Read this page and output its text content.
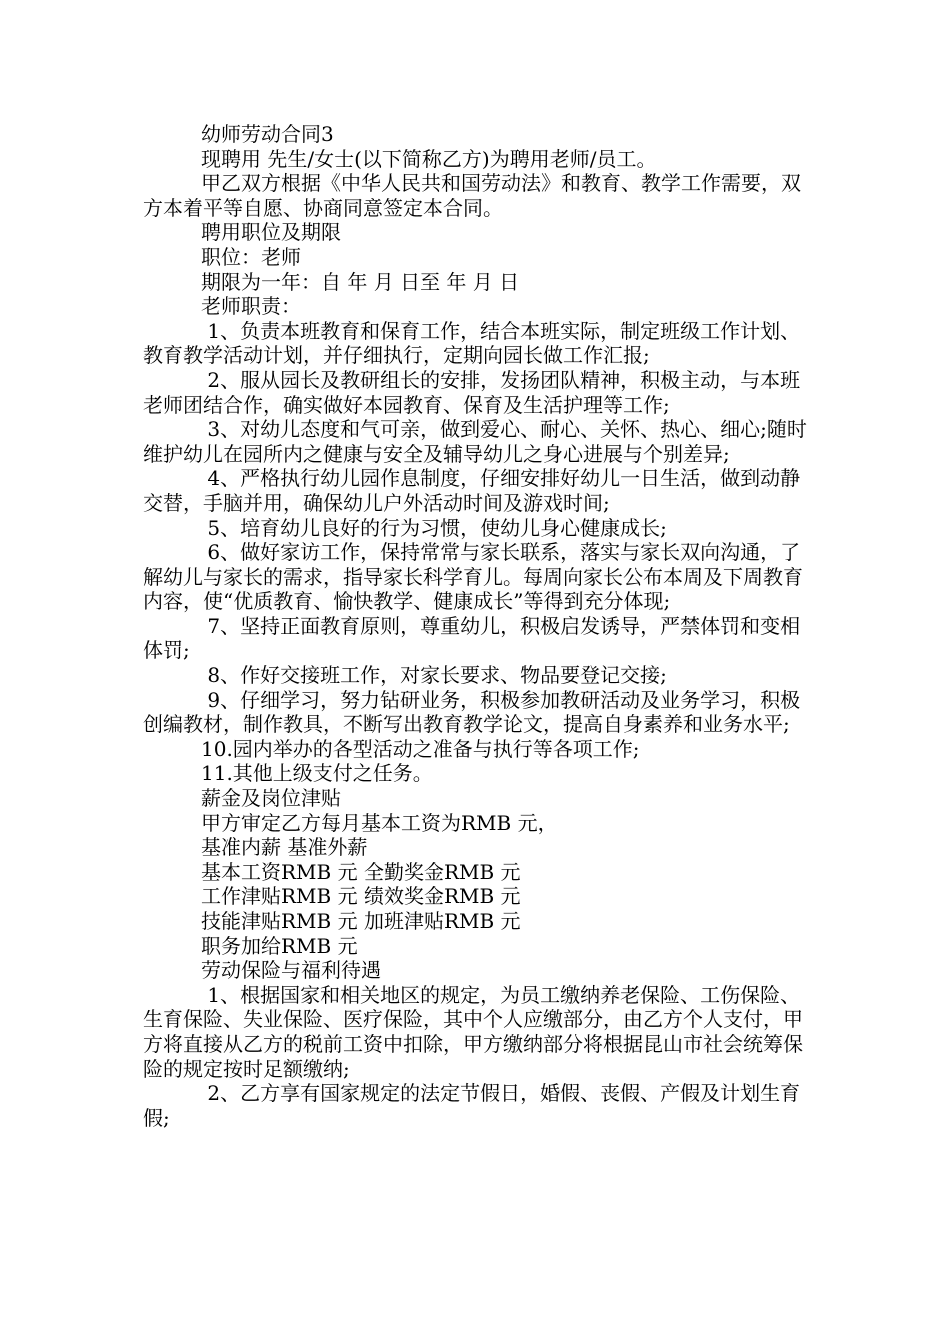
幼师劳动合同3

现聘用 先生/女士(以下简称乙方)为聘用老师/员工。

甲乙双方根据《中华人民共和国劳动法》和教育、教学工作需要，双方本着平等自愿、协商同意签定本合同。

聘用职位及期限

职位：老师

期限为一年：自 年 月 日至 年 月 日

老师职责：

1、负责本班教育和保育工作，结合本班实际，制定班级工作计划、教育教学活动计划，并仔细执行，定期向园长做工作汇报;

2、服从园长及教研组长的安排，发扬团队精神，积极主动，与本班老师团结合作，确实做好本园教育、保育及生活护理等工作;

3、对幼儿态度和气可亲，做到爱心、耐心、关怀、热心、细心;随时维护幼儿在园所内之健康与安全及辅导幼儿之身心进展与个别差异;

4、严格执行幼儿园作息制度，仔细安排好幼儿一日生活，做到动静交替，手脑并用，确保幼儿户外活动时间及游戏时间;

5、培育幼儿良好的行为习惯，使幼儿身心健康成长;

6、做好家访工作，保持常常与家长联系，落实与家长双向沟通，了解幼儿与家长的需求，指导家长科学育儿。每周向家长公布本周及下周教育内容，使“优质教育、愉快教学、健康成长”等得到充分体现;

7、坚持正面教育原则，尊重幼儿，积极启发诱导，严禁体罚和变相体罚;

8、作好交接班工作，对家长要求、物品要登记交接;

9、仔细学习，努力钻研业务，积极参加教研活动及业务学习，积极创编教材，制作教具，不断写出教育教学论文，提高自身素养和业务水平;

10.园内举办的各型活动之准备与执行等各项工作;

11.其他上级支付之任务。

薪金及岗位津贴

甲方审定乙方每月基本工资为RMB 元，

基准内薪 基准外薪

基本工资RMB 元 全勤奖金RMB 元

工作津贴RMB 元 绩效奖金RMB 元

技能津贴RMB 元 加班津贴RMB 元

职务加给RMB 元

劳动保险与福利待遇

1、根据国家和相关地区的规定，为员工缴纳养老保险、工伤保险、生育保险、失业保险、医疗保险，其中个人应缴部分，由乙方个人支付，甲方将直接从乙方的税前工资中扣除，甲方缴纳部分将根据昆山市社会统筹保险的规定按时足额缴纳;

2、乙方享有国家规定的法定节假日，婚假、丧假、产假及计划生育假;
